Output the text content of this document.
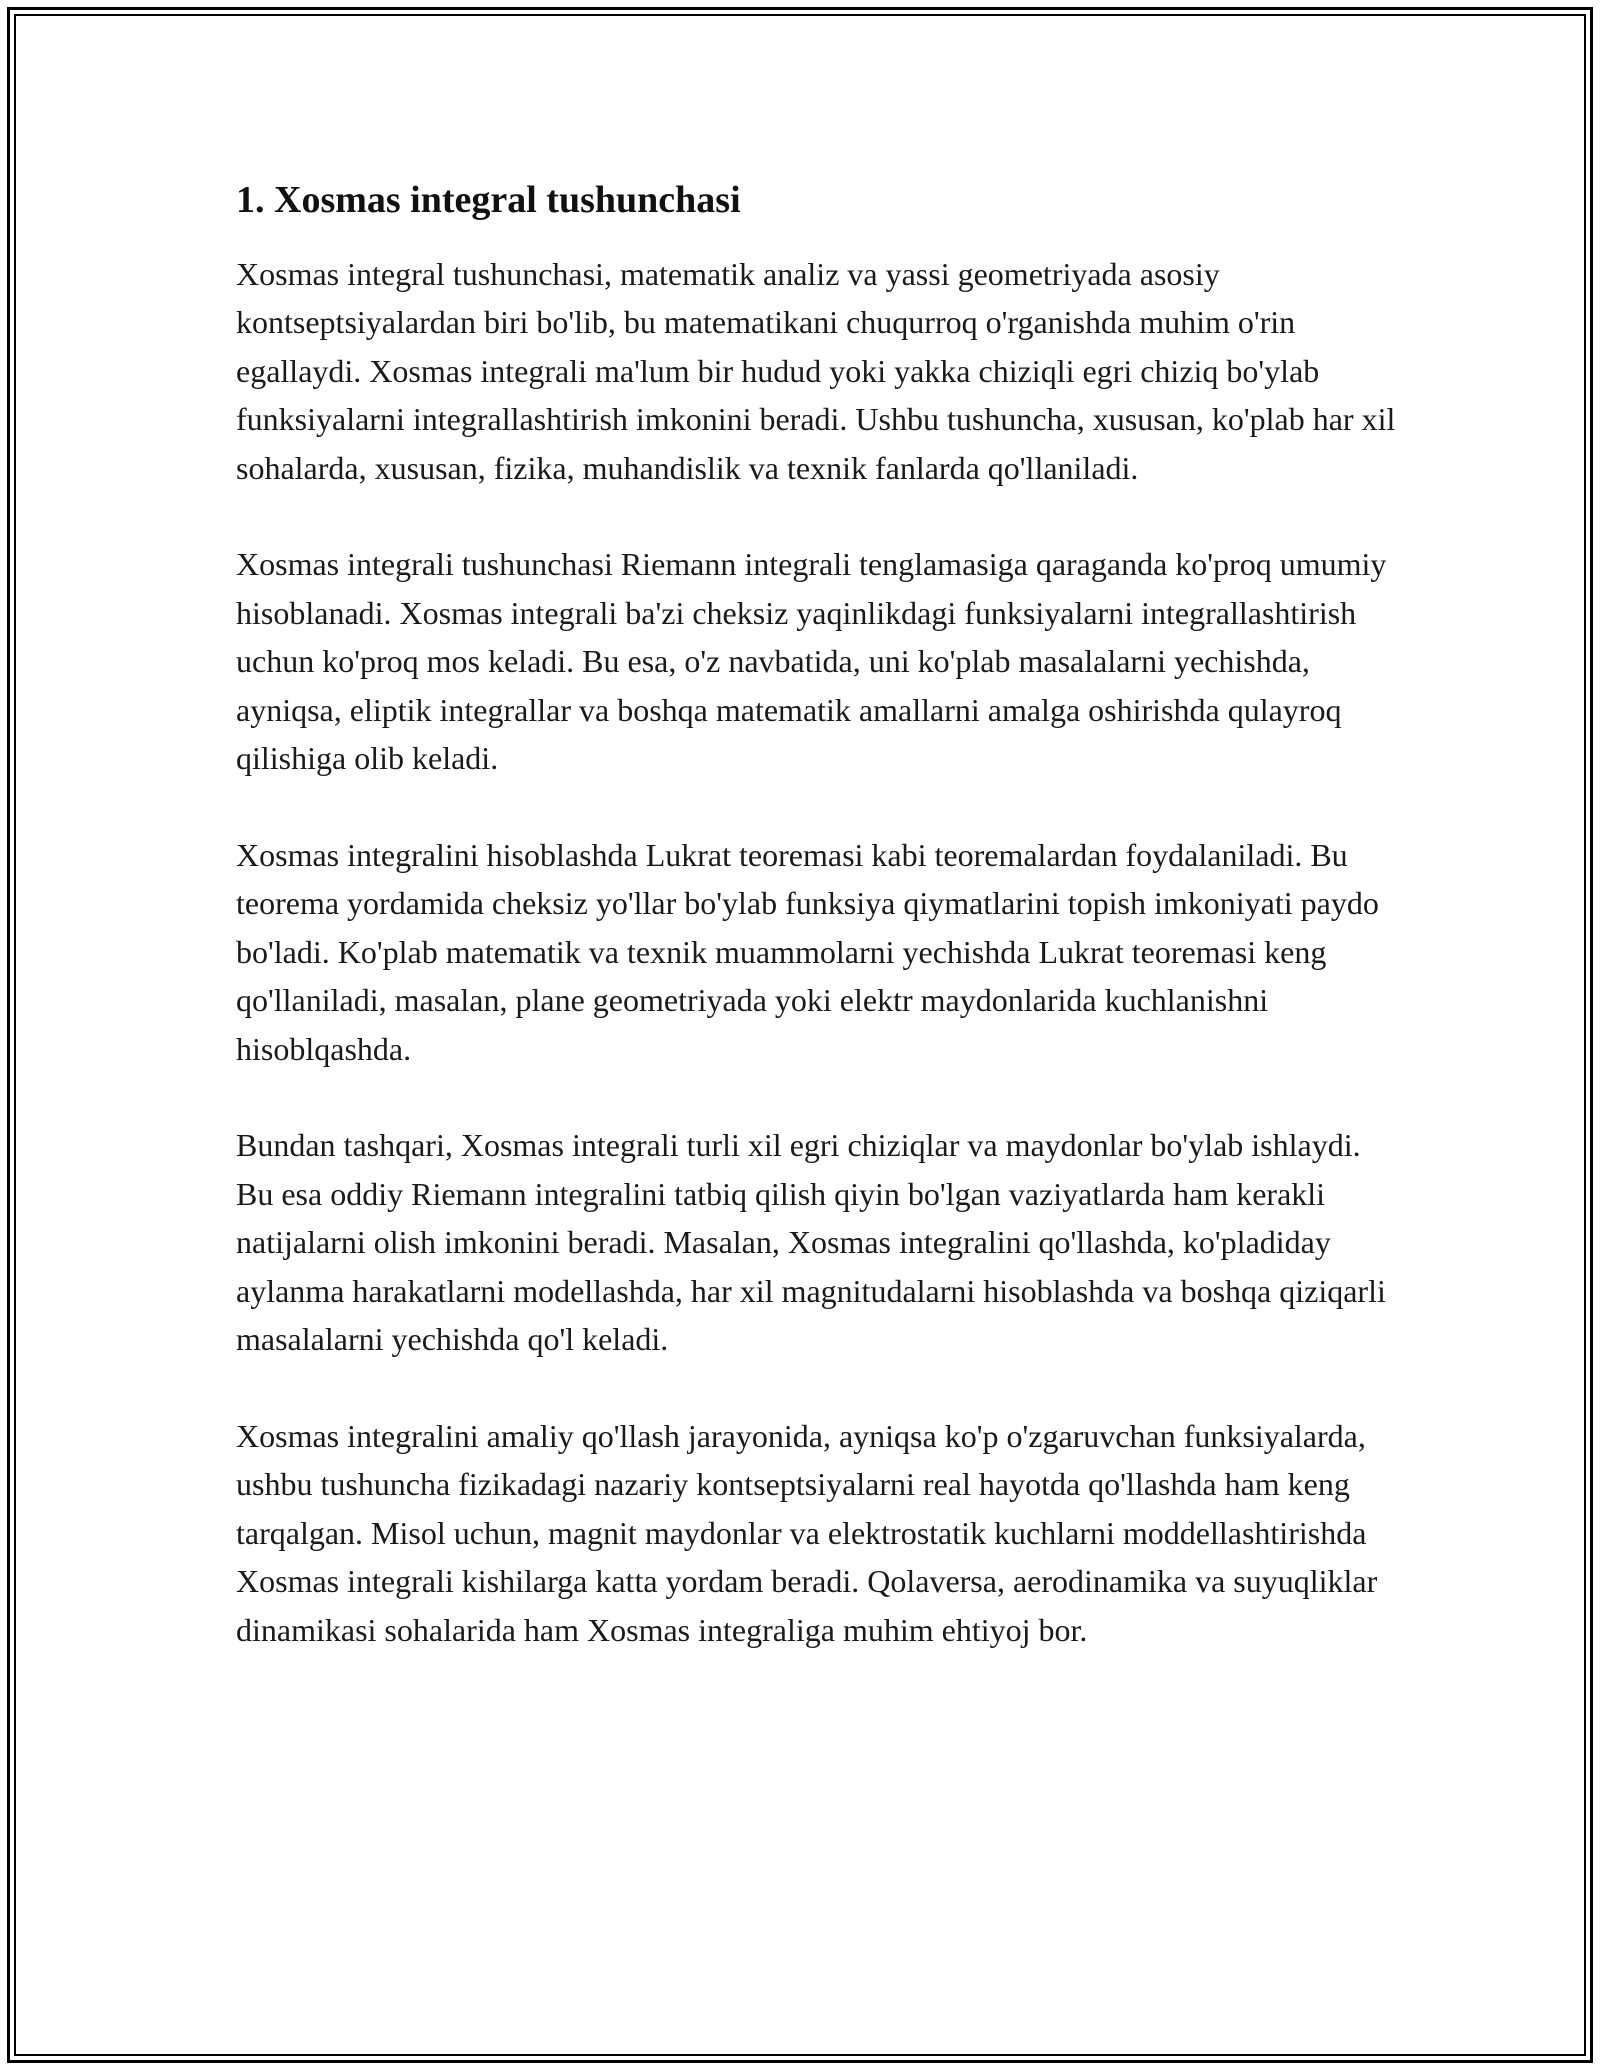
1. Xosmas integral tushunchasi

Xosmas integral tushunchasi, matematik analiz va yassi geometriyada asosiy kontseptsiyalardan biri bo'lib, bu matematikani chuqurroq o'rganishda muhim o'rin egallaydi. Xosmas integrali ma'lum bir hudud yoki yakka chiziqli egri chiziq bo'ylab funksiyalarni integrallashtirish imkonini beradi. Ushbu tushuncha, xususan, ko'plab har xil sohalarda, xususan, fizika, muhandislik va texnik fanlarda qo'llaniladi.

Xosmas integrali tushunchasi Riemann integrali tenglamasiga qaraganda ko'proq umumiy hisoblanadi. Xosmas integrali ba'zi cheksiz yaqinlikdagi funksiyalarni integrallashtirish uchun ko'proq mos keladi. Bu esa, o'z navbatida, uni ko'plab masalalarni yechishda, ayniqsa, eliptik integrallar va boshqa matematik amallarni amalga oshirishda qulayroq qilishiga olib keladi.

Xosmas integralini hisoblashda Lukrat teoremasi kabi teoremalardan foydalaniladi. Bu teorema yordamida cheksiz yo'llar bo'ylab funksiya qiymatlarini topish imkoniyati paydo bo'ladi. Ko'plab matematik va texnik muammolarni yechishda Lukrat teoremasi keng qo'llaniladi, masalan, plane geometriyada yoki elektr maydonlarida kuchlanishni hisoblqashda.

Bundan tashqari, Xosmas integrali turli xil egri chiziqlar va maydonlar bo'ylab ishlaydi. Bu esa oddiy Riemann integralini tatbiq qilish qiyin bo'lgan vaziyatlarda ham kerakli natijalarni olish imkonini beradi. Masalan, Xosmas integralini qo'llashda, ko'pladiday aylanma harakatlarni modellashda, har xil magnitudalarni hisoblashda va boshqa qiziqarli masalalarni yechishda qo'l keladi.

Xosmas integralini amaliy qo'llash jarayonida, ayniqsa ko'p o'zgaruvchan funksiyalarda, ushbu tushuncha fizikadagi nazariy kontseptsiyalarni real hayotda qo'llashda ham keng tarqalgan. Misol uchun, magnit maydonlar va elektrostatik kuchlarni moddellashtirishda Xosmas integrali kishilarga katta yordam beradi. Qolaversa, aerodinamika va suyuqliklar dinamikasi sohalarida ham Xosmas integraliga muhim ehtiyoj bor.
